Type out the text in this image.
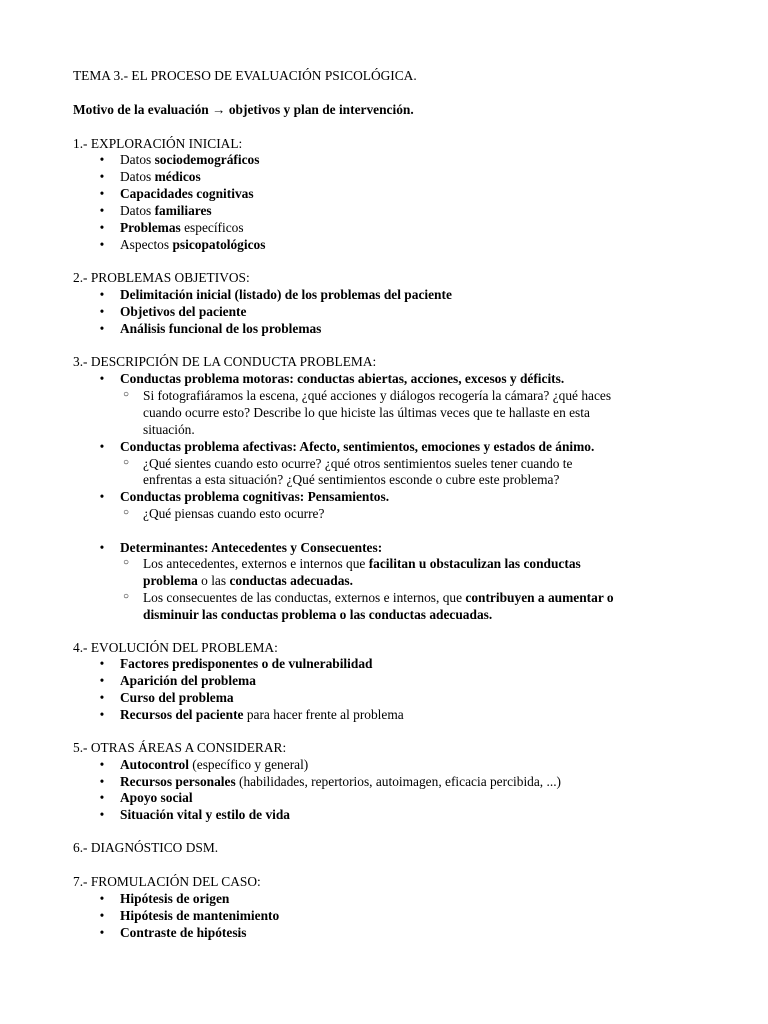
TEMA 3.- EL PROCESO DE EVALUACIÓN PSICOLÓGICA.
Motivo de la evaluación → objetivos y plan de intervención.
1.- EXPLORACIÓN INICIAL:
• Datos sociodemográficos
• Datos médicos
• Capacidades cognitivas
• Datos familiares
• Problemas específicos
• Aspectos psicopatológicos
2.- PROBLEMAS OBJETIVOS:
• Delimitación inicial (listado) de los problemas del paciente
• Objetivos del paciente
• Análisis funcional de los problemas
3.- DESCRIPCIÓN DE LA CONDUCTA PROBLEMA:
• Conductas problema motoras: conductas abiertas, acciones, excesos y déficits.
○ Si fotografiáramos la escena, ¿qué acciones y diálogos recogería la cámara? ¿qué haces
cuando ocurre esto? Describe lo que hiciste las últimas veces que te hallaste en esta
situación.
• Conductas problema afectivas: Afecto, sentimientos, emociones y estados de ánimo.
○ ¿Qué sientes cuando esto ocurre? ¿qué otros sentimientos sueles tener cuando te
enfrentas a esta situación? ¿Qué sentimientos esconde o cubre este problema?
• Conductas problema cognitivas: Pensamientos.
○ ¿Qué piensas cuando esto ocurre?
• Determinantes: Antecedentes y Consecuentes:
○ Los antecedentes, externos e internos que facilitan u obstaculizan las conductas
problema o las conductas adecuadas.
○ Los consecuentes de las conductas, externos e internos, que contribuyen a aumentar o
disminuir las conductas problema o las conductas adecuadas.
4.- EVOLUCIÓN DEL PROBLEMA:
• Factores predisponentes o de vulnerabilidad
• Aparición del problema
• Curso del problema
• Recursos del paciente para hacer frente al problema
5.- OTRAS ÁREAS A CONSIDERAR:
• Autocontrol (específico y general)
• Recursos personales (habilidades, repertorios, autoimagen, eficacia percibida, ...)
• Apoyo social
• Situación vital y estilo de vida
6.- DIAGNÓSTICO DSM.
7.- FROMULACIÓN DEL CASO:
• Hipótesis de origen
• Hipótesis de mantenimiento
• Contraste de hipótesis
